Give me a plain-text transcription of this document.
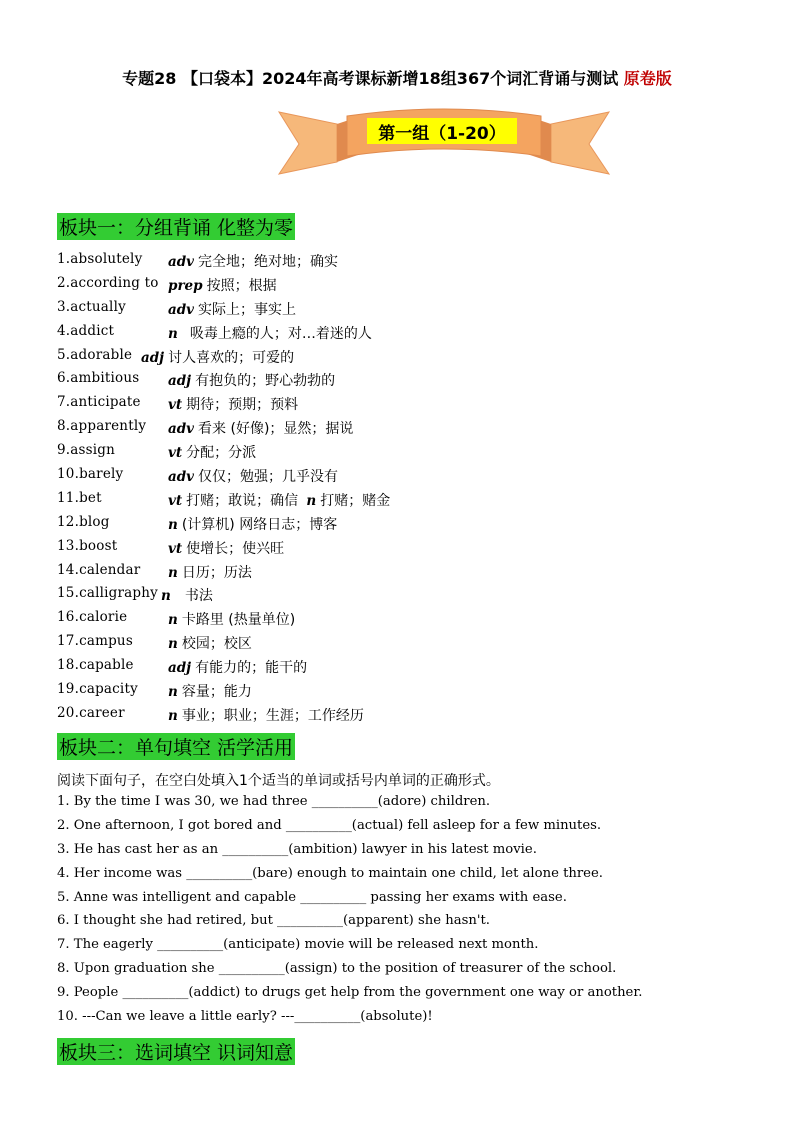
专题28 【口袋本】2024年高考课标新增18组367个词汇背诵与测试 原卷版
第一组（1-20）
板块一：分组背诵 化整为零
1.absolutely adv 完全地；绝对地；确实
2.according to prep 按照；根据
3.actually	adv 实际上；事实上
4.addict	n 吸毒上瘾的人；对…着迷的人
5.adorable adj 讨人喜欢的；可爱的
6.ambitious adj 有抱负的；野心勃勃的
7.anticipate vt 期待；预期；预料
8.apparently adv 看来 (好像)；显然；据说
9.assign	vt 分配；分派
10.barely	adv 仅仅；勉强；几乎没有
11.bet	vt 打赌；敢说；确信 n 打赌；赌金
12.blog	n (计算机) 网络日志；博客
13.boost	vt 使增长；使兴旺
14.calendar n 日历；历法
15.calligraphy n 书法
16.calorie	n 卡路里 (热量单位)
17.campus	n 校园；校区
18.capable	adj 有能力的；能干的
19.capacity n 容量；能力
20.career	n 事业；职业；生涯；工作经历
板块二：单句填空 活学活用
阅读下面句子，在空白处填入1个适当的单词或括号内单词的正确形式。
1. By the time I was 30, we had three __________(adore) children.
2. One afternoon, I got bored and __________(actual) fell asleep for a few minutes.
3. He has cast her as an __________(ambition) lawyer in his latest movie.
4. Her income was __________(bare) enough to maintain one child, let alone three.
5. Anne was intelligent and capable __________ passing her exams with ease.
6. I thought she had retired, but __________(apparent) she hasn't.
7. The eagerly __________(anticipate) movie will be released next month.
8. Upon graduation she __________(assign) to the position of treasurer of the school.
9. People __________(addict) to drugs get help from the government one way or another.
10. ---Can we leave a little early? ---__________(absolute)!
板块三：选词填空 识词知意
